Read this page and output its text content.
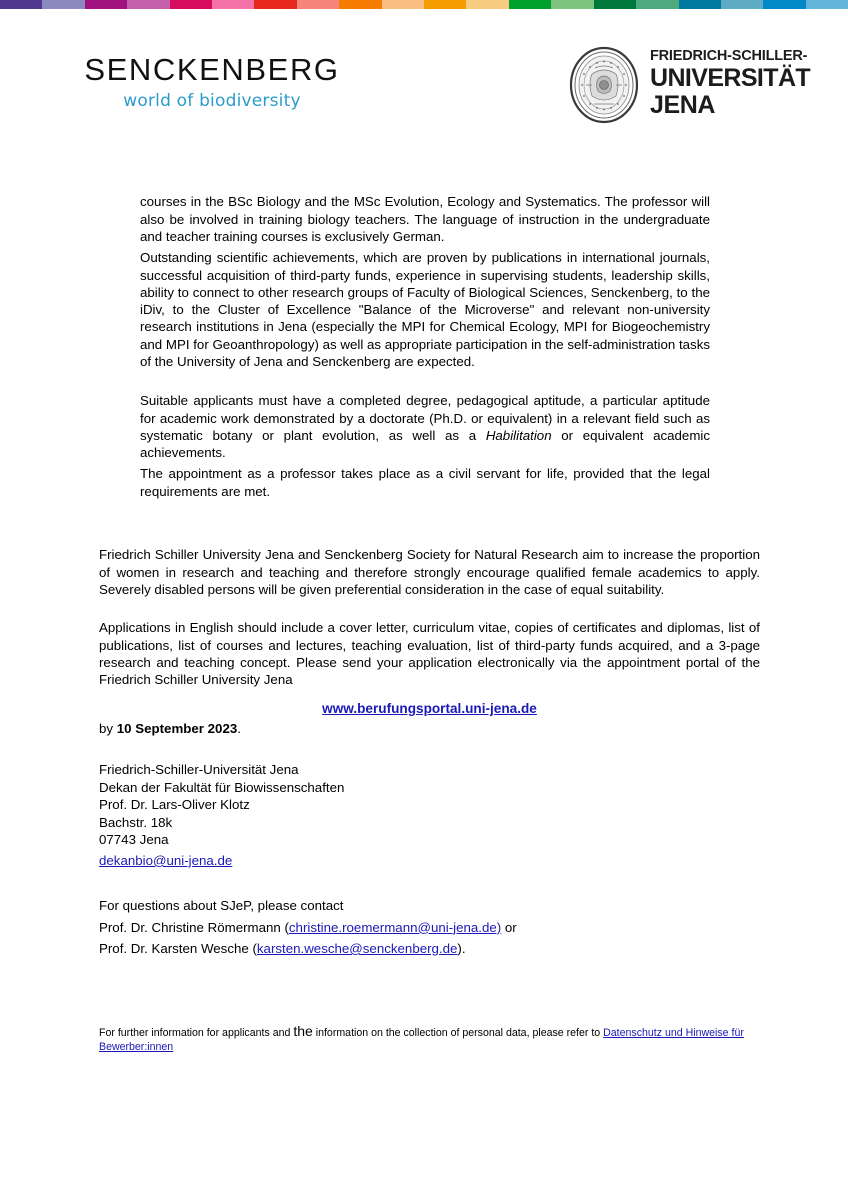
SENCKENBERG
world of biodiversity
FRIEDRICH-SCHILLER-
UNIVERSITÄT
JENA

courses in the BSc Biology and the MSc Evolution, Ecology and Systematics. The professor will also be involved in training biology teachers. The language of instruction in the undergraduate and teacher training courses is exclusively German.

Outstanding scientific achievements, which are proven by publications in international journals, successful acquisition of third-party funds, experience in supervising students, leadership skills, ability to connect to other research groups of Faculty of Biological Sciences, Senckenberg, to the iDiv, to the Cluster of Excellence "Balance of the Microverse" and relevant non-university research institutions in Jena (especially the MPI for Chemical Ecology, MPI for Biogeochemistry and MPI for Geoanthropology) as well as appropriate participation in the self-administration tasks of the University of Jena and Senckenberg are expected.

Suitable applicants must have a completed degree, pedagogical aptitude, a particular aptitude for academic work demonstrated by a doctorate (Ph.D. or equivalent) in a relevant field such as systematic botany or plant evolution, as well as a Habilitation or equivalent academic achievements.

The appointment as a professor takes place as a civil servant for life, provided that the legal requirements are met.

Friedrich Schiller University Jena and Senckenberg Society for Natural Research aim to increase the proportion of women in research and teaching and therefore strongly encourage qualified female academics to apply. Severely disabled persons will be given preferential consideration in the case of equal suitability.

Applications in English should include a cover letter, curriculum vitae, copies of certificates and diplomas, list of publications, list of courses and lectures, teaching evaluation, list of third-party funds acquired, and a 3-page research and teaching concept. Please send your application electronically via the appointment portal of the Friedrich Schiller University Jena

www.berufungsportal.uni-jena.de
by 10 September 2023.
Friedrich-Schiller-Universität Jena
Dekan der Fakultät für Biowissenschaften
Prof. Dr. Lars-Oliver Klotz
Bachstr. 18k
07743 Jena
dekanbio@uni-jena.de
For questions about SJeP, please contact
Prof. Dr. Christine Römermann (christine.roemermann@uni-jena.de) or
Prof. Dr. Karsten Wesche (karsten.wesche@senckenberg.de).
For further information for applicants and the information on the collection of personal data, please refer to Datenschutz und Hinweise für Bewerber:innen
